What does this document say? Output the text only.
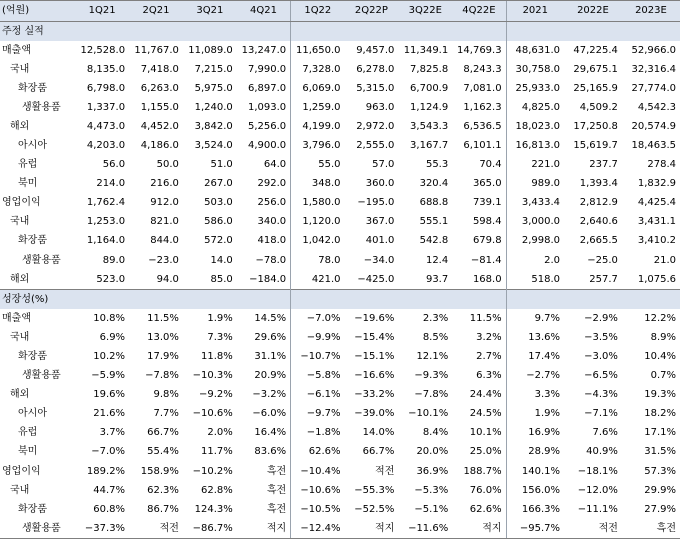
(억원)	1Q21	2Q21	3Q21	4Q21	1Q22	2Q22P	3Q22E	4Q22E	2021	2022E	2023E
주정 실적											
매출액	12,528.0	11,767.0	11,089.0	13,247.0	11,650.0	9,457.0	11,349.1	14,769.3	48,631.0	47,225.4	52,966.0
국내	8,135.0	7,418.0	7,215.0	7,990.0	7,328.0	6,278.0	7,825.8	8,243.3	30,758.0	29,675.1	32,316.4
화장품	6,798.0	6,263.0	5,975.0	6,897.0	6,069.0	5,315.0	6,700.9	7,081.0	25,933.0	25,165.9	27,774.0
생활용품	1,337.0	1,155.0	1,240.0	1,093.0	1,259.0	963.0	1,124.9	1,162.3	4,825.0	4,509.2	4,542.3
해외	4,473.0	4,452.0	3,842.0	5,256.0	4,199.0	2,972.0	3,543.3	6,536.5	18,023.0	17,250.8	20,574.9
아시아	4,203.0	4,186.0	3,524.0	4,900.0	3,796.0	2,555.0	3,167.7	6,101.1	16,813.0	15,619.7	18,463.5
유럽	56.0	50.0	51.0	64.0	55.0	57.0	55.3	70.4	221.0	237.7	278.4
북미	214.0	216.0	267.0	292.0	348.0	360.0	320.4	365.0	989.0	1,393.4	1,832.9
영업이익	1,762.4	912.0	503.0	256.0	1,580.0	−195.0	688.8	739.1	3,433.4	2,812.9	4,425.4
국내	1,253.0	821.0	586.0	340.0	1,120.0	367.0	555.1	598.4	3,000.0	2,640.6	3,431.1
화장품	1,164.0	844.0	572.0	418.0	1,042.0	401.0	542.8	679.8	2,998.0	2,665.5	3,410.2
생활용품	89.0	−23.0	14.0	−78.0	78.0	−34.0	12.4	−81.4	2.0	−25.0	21.0
해외	523.0	94.0	85.0	−184.0	421.0	−425.0	93.7	168.0	518.0	257.7	1,075.6
성장성(%)											
매출액	10.8%	11.5%	1.9%	14.5%	−7.0%	−19.6%	2.3%	11.5%	9.7%	−2.9%	12.2%
국내	6.9%	13.0%	7.3%	29.6%	−9.9%	−15.4%	8.5%	3.2%	13.6%	−3.5%	8.9%
화장품	10.2%	17.9%	11.8%	31.1%	−10.7%	−15.1%	12.1%	2.7%	17.4%	−3.0%	10.4%
생활용품	−5.9%	−7.8%	−10.3%	20.9%	−5.8%	−16.6%	−9.3%	6.3%	−2.7%	−6.5%	0.7%
해외	19.6%	9.8%	−9.2%	−3.2%	−6.1%	−33.2%	−7.8%	24.4%	3.3%	−4.3%	19.3%
아시아	21.6%	7.7%	−10.6%	−6.0%	−9.7%	−39.0%	−10.1%	24.5%	1.9%	−7.1%	18.2%
유럽	3.7%	66.7%	2.0%	16.4%	−1.8%	14.0%	8.4%	10.1%	16.9%	7.6%	17.1%
북미	−7.0%	55.4%	11.7%	83.6%	62.6%	66.7%	20.0%	25.0%	28.9%	40.9%	31.5%
영업이익	189.2%	158.9%	−10.2%	흑전	−10.4%	적전	36.9%	188.7%	140.1%	−18.1%	57.3%
국내	44.7%	62.3%	62.8%	흑전	−10.6%	−55.3%	−5.3%	76.0%	156.0%	−12.0%	29.9%
화장품	60.8%	86.7%	124.3%	흑전	−10.5%	−52.5%	−5.1%	62.6%	166.3%	−11.1%	27.9%
생활용품	−37.3%	적전	−86.7%	적지	−12.4%	적지	−11.6%	적지	−95.7%	적전	흑전
